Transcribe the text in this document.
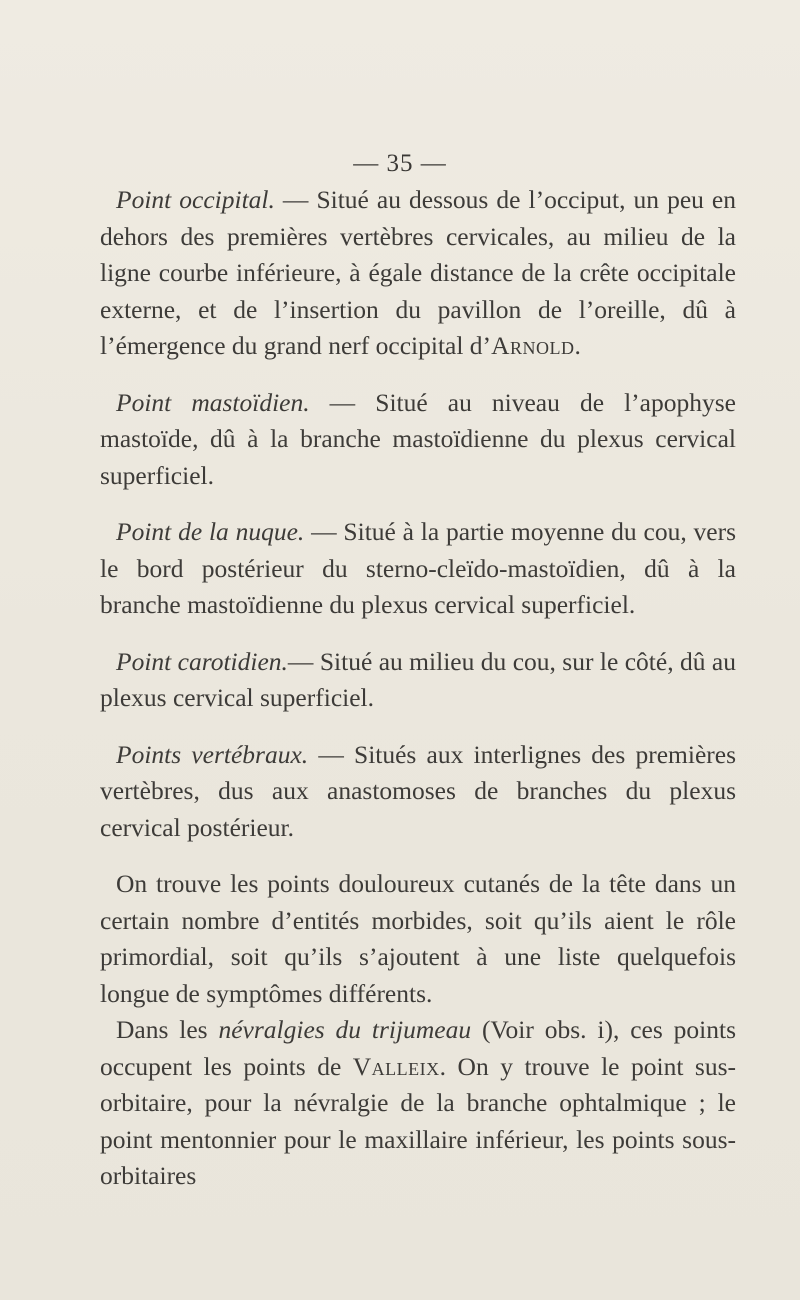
— 35 —

Point occipital. — Situé au dessous de l’occiput, un peu en dehors des premières vertèbres cervicales, au milieu de la ligne courbe inférieure, à égale distance de la crête occipitale externe, et de l’insertion du pavillon de l’oreille, dû à l’émergence du grand nerf occipital d’Arnold.

Point mastoïdien. — Situé au niveau de l’apophyse mastoïde, dû à la branche mastoïdienne du plexus cervical superficiel.

Point de la nuque. — Situé à la partie moyenne du cou, vers le bord postérieur du sterno-cleïdo-mastoïdien, dû à la branche mastoïdienne du plexus cervical superficiel.

Point carotidien.— Situé au milieu du cou, sur le côté, dû au plexus cervical superficiel.

Points vertébraux. — Situés aux interlignes des premières vertèbres, dus aux anastomoses de branches du plexus cervical postérieur.

On trouve les points douloureux cutanés de la tête dans un certain nombre d’entités morbides, soit qu’ils aient le rôle primordial, soit qu’ils s’ajoutent à une liste quelquefois longue de symptômes différents.

Dans les névralgies du trijumeau (Voir obs. i), ces points occupent les points de Valleix. On y trouve le point sus-orbitaire, pour la névralgie de la branche ophtalmique ; le point mentonnier pour le maxillaire inférieur, les points sous-orbitaires
